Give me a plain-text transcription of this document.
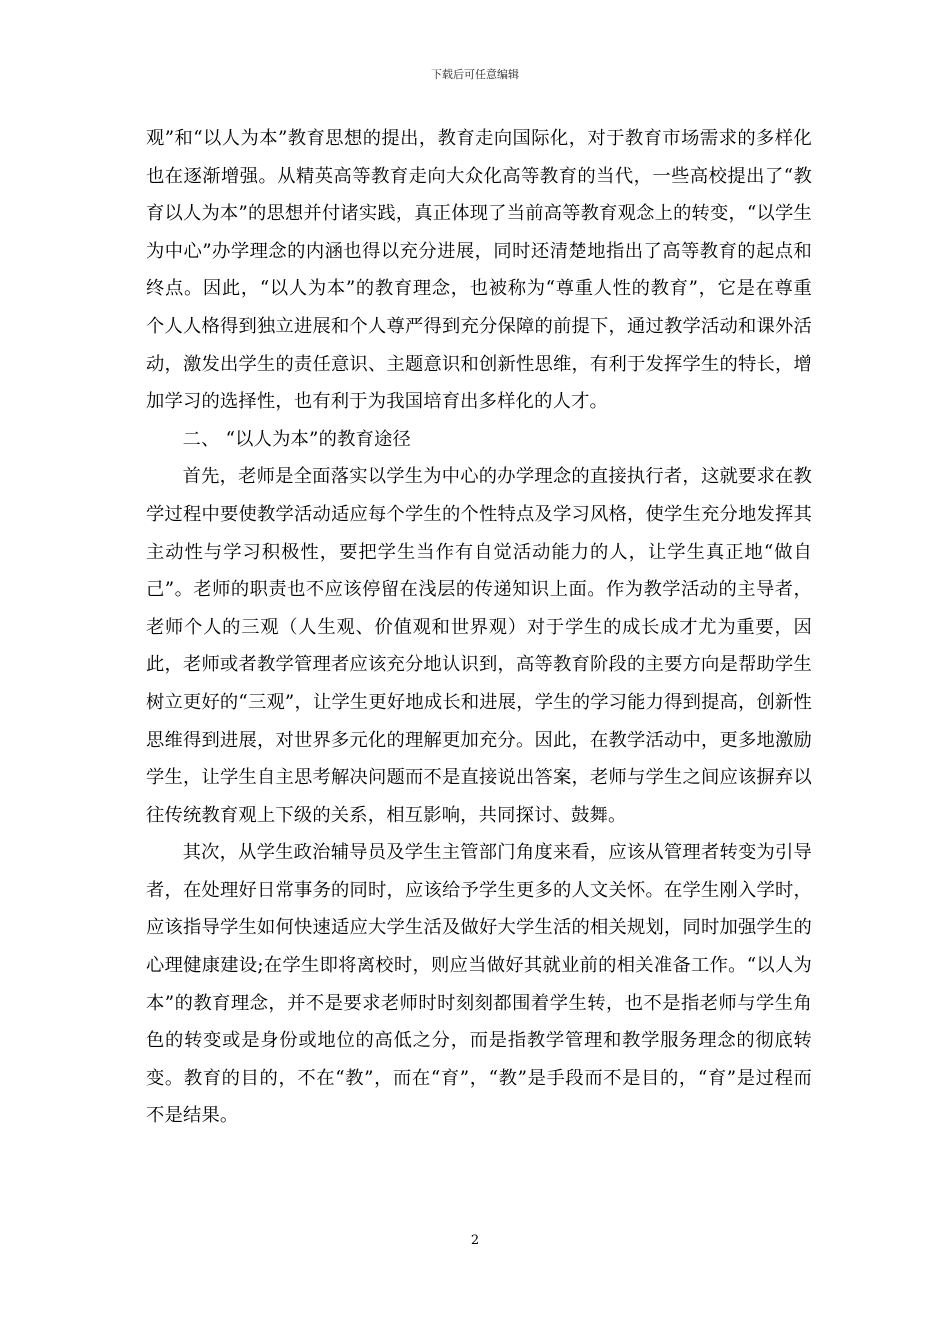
下载后可任意编辑

观”和“以人为本”教育思想的提出，教育走向国际化，对于教育市场需求的多样化也在逐渐增强。从精英高等教育走向大众化高等教育的当代，一些高校提出了“教育以人为本”的思想并付诸实践，真正体现了当前高等教育观念上的转变，“以学生为中心”办学理念的内涵也得以充分进展，同时还清楚地指出了高等教育的起点和终点。因此，“以人为本”的教育理念，也被称为“尊重人性的教育”，它是在尊重个人人格得到独立进展和个人尊严得到充分保障的前提下，通过教学活动和课外活动，激发出学生的责任意识、主题意识和创新性思维，有利于发挥学生的特长，增加学习的选择性，也有利于为我国培育出多样化的人才。

二、 “以人为本”的教育途径

首先，老师是全面落实以学生为中心的办学理念的直接执行者，这就要求在教学过程中要使教学活动适应每个学生的个性特点及学习风格，使学生充分地发挥其主动性与学习积极性，要把学生当作有自觉活动能力的人，让学生真正地“做自己”。老师的职责也不应该停留在浅层的传递知识上面。作为教学活动的主导者，老师个人的三观（人生观、价值观和世界观）对于学生的成长成才尤为重要，因此，老师或者教学管理者应该充分地认识到，高等教育阶段的主要方向是帮助学生树立更好的“三观”，让学生更好地成长和进展，学生的学习能力得到提高，创新性思维得到进展，对世界多元化的理解更加充分。因此，在教学活动中，更多地激励学生，让学生自主思考解决问题而不是直接说出答案，老师与学生之间应该摒弃以往传统教育观上下级的关系，相互影响，共同探讨、鼓舞。

其次，从学生政治辅导员及学生主管部门角度来看，应该从管理者转变为引导者，在处理好日常事务的同时，应该给予学生更多的人文关怀。在学生刚入学时，应该指导学生如何快速适应大学生活及做好大学生活的相关规划，同时加强学生的心理健康建设;在学生即将离校时，则应当做好其就业前的相关准备工作。“以人为本”的教育理念，并不是要求老师时时刻刻都围着学生转，也不是指老师与学生角色的转变或是身份或地位的高低之分，而是指教学管理和教学服务理念的彻底转变。教育的目的，不在“教”，而在“育”，“教”是手段而不是目的，“育”是过程而不是结果。

2
